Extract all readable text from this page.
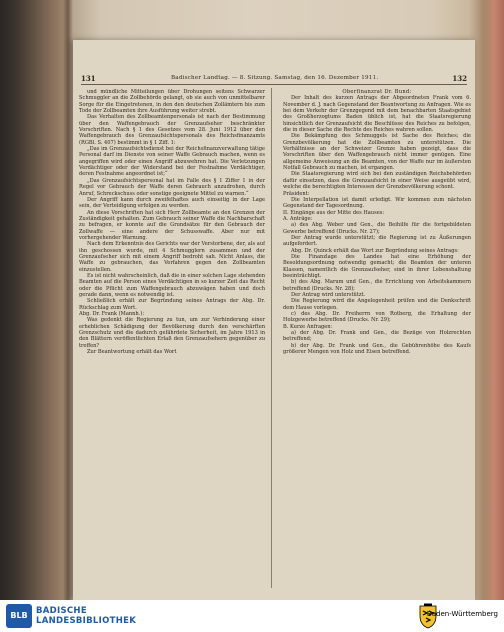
131	Badischer Landtag. — 8. Sitzung. Samstag, den 16. Dezember 1911.	132

und mündliche Mitteilungen über Drohungen seitens Schwarzer Schmuggler an die Zollbehörde gelangt, ob sie auch von unmittelbarer Sorge für die Eingetretenen, in den den deutschen Zollämtern bis zum Tode der Zollbeamten ihre Ausführung weiter strebt.

Das Verhalten des Zollbeamtenpersonals ist nach der Bestimmung über den Waffengebrauch der Grenzaufseher beschränkter Vorschriften. Nach § 1 des Gesetzes vom 28. Juni 1912 über den Waffengebrauch des Grenzaufsichtspersonals des Reichsfinanzamts (RGBl. S. 407) bestimmt in § 1 Ziff. 1:

„Das im Grenzaufsichtsdienst bei der Reichsfinanzverwaltung tätige Personal darf im Dienste von seiner Waffe Gebrauch machen, wenn es angegriffen wird oder einen Angriff abzuwehren hat. Die Verletzungen Verdächtiger oder der Widerstand bei der Festnahme Verdächtiger, deren Festnahme angeordnet ist;“

„Das Grenzaufsichtspersonal hat im Falle des § 1 Ziffer 1 in der Regel vor Gebrauch der Waffe deren Gebrauch anzudrohen, durch Anruf, Schreckschuss oder sonstige geeignete Mittel zu warnen.“

Der Angriff kann durch zweifelhaftes auch einseitig in der Lage sein, der Verteidigung erfolgen zu werden.

An diese Vorschriften hat sich Herr Zollbeamte an den Grenzen der Zuständigkeit gehalten. Zum Gebrauch seiner Waffe die Nachbarschaft zu befragen, er konnte auf die Grundsätze für den Gebrauch der Zollwaffe — eine andere der Schusswaffe. Aber nur mit vorhergehender Warnung.

Nach dem Erkenntnis des Gerichts war der Verstorbene, der, als auf ihn geschossen wurde, mit 4 Schmugglern zusammen und der Grenzaufseher sich mit einem Angriff bedroht sah. Nicht Anlass, die Waffe zu gebrauchen, das Verfahren gegen den Zollbeamten einzustellen.

Es ist nicht wahrscheinlich, daß die in einer solchen Lage stehenden Beamten auf die Person eines Verdächtigen in so kurzer Zeit das Recht oder die Pflicht zum Waffengebrauch abzuwägen haben und doch gerade dann, wenn es notwendig ist.

Schließlich erhält zur Begründung seines Antrags der Abg. Dr. Rückschlag zum Wort.

Abg. Dr. Frank (Mannh.):

Was gedenkt die Regierung zu tun, um zur Verhinderung einer erheblichen Schädigung der Bevölkerung durch den verschärften Grenzschutz und die dadurch gefährdete Sicherheit, im Jahre 1913 in den Blättern veröffentlichten Erlaß den Grenzaufsehern gegenüber zu treffen?

Zur Beantwortung erhält das Wort

Oberfinanzrat Dr. Bund:

Der Inhalt des kurzen Antrags der Abgeordneten Frank vom 6. November d. J. nach Gegenstand der Beantwortung zu Anfragen. Wie es bei dem Verkehr der Grenzgegend mit dem benachbarten Staatsgebiet des Großherzogtums Baden üblich ist, hat die Staatsregierung hinsichtlich der Grenzaufsicht die Beschlüsse des Reiches zu befolgen, die in dieser Sache die Rechte des Reiches wahren sollen.

Die Bekämpfung des Schmuggels ist Sache des Reiches; die Grenzbevölkerung hat die Zollbeamten zu unterstützen. Die Verhältnisse an der Schweizer Grenze haben gezeigt, dass die Vorschriften über den Waffengebrauch nicht immer genügen. Eine allgemeine Anweisung an die Beamten, von der Waffe nur im äußersten Notfall Gebrauch zu machen, ist ergangen.

Die Staatsregierung wird sich bei den zuständigen Reichsbehörden dafür einsetzen, dass die Grenzaufsicht in einer Weise ausgeübt wird, welche die berechtigten Interessen der Grenzbevölkerung schont.

Präsident:

Die Interpellation ist damit erledigt. Wir kommen zum nächsten Gegenstand der Tagesordnung.

II. Eingänge aus der Mitte des Hauses:

A. Anträge:

a) des Abg. Weber und Gen., die Beihilfe für die fortgebildeten Gewerbe betreffend (Drucks. Nr. 27);

Der Antrag wurde unterstützt; die Regierung ist zu Äußerungen aufgefordert.

Abg. Dr. Quinck erhält das Wort zur Begründung seines Antrags:

Die Finanzlage des Landes hat eine Erhöhung der Besoldungsordnung notwendig gemacht; die Beamten der unteren Klassen, namentlich die Grenzaufseher, sind in ihrer Lebenshaltung beeinträchtigt.

b) des Abg. Marum und Gen., die Errichtung von Arbeitskammern betreffend (Drucks. Nr. 28);

Der Antrag wird unterstützt.

Die Regierung wird die Angelegenheit prüfen und die Denkschrift dem Hause vorlegen.

c) des Abg. Dr. Freiherrn von Rotberg, die Erhaltung der Holzgewerbe betreffend (Drucks. Nr. 29);

B. Kurze Anfragen:

a) der Abg. Dr. Frank und Gen., die Bezüge von Holzrechten betreffend;

b) der Abg. Dr. Frank und Gen., die Gebührenhöhe des Kaufs größerer Mengen von Holz und Eisen betreffend.

BLB BADISCHE
LANDESBIBLIOTHEK
Baden-Württemberg
